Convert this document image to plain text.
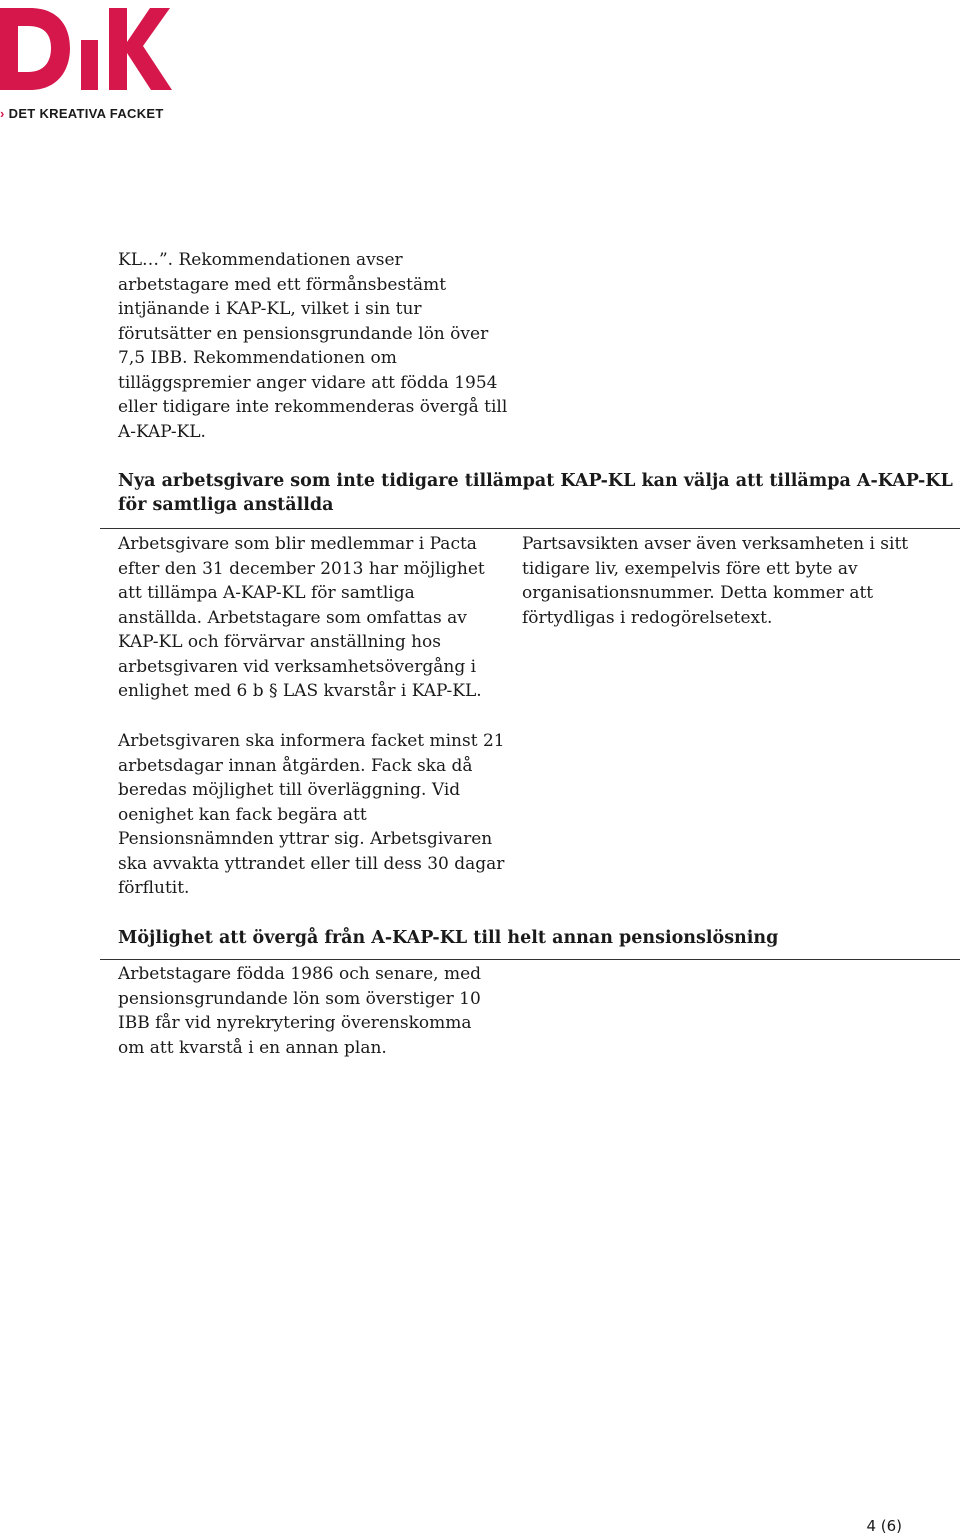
› DET KREATIVA FACKET

KL…”. Rekommendationen avser arbetstagare med ett förmånsbestämt intjänande i KAP-KL, vilket i sin tur förutsätter en pensionsgrundande lön över 7,5 IBB. Rekommendationen om tilläggspremier anger vidare att födda 1954 eller tidigare inte rekommenderas övergå till A-KAP-KL.

Nya arbetsgivare som inte tidigare tillämpat KAP-KL kan välja att tillämpa A-KAP-KL för samtliga anställda

Arbetsgivare som blir medlemmar i Pacta efter den 31 december 2013 har möjlighet att tillämpa A-KAP-KL för samtliga anställda. Arbetstagare som omfattas av KAP-KL och förvärvar anställning hos arbetsgivaren vid verksamhetsövergång i enlighet med 6 b § LAS kvarstår i KAP-KL.

Partsavsikten avser även verksamheten i sitt tidigare liv, exempelvis före ett byte av organisationsnummer. Detta kommer att förtydligas i redogörelsetext.

Arbetsgivaren ska informera facket minst 21 arbetsdagar innan åtgärden. Fack ska då beredas möjlighet till överläggning. Vid oenighet kan fack begära att Pensionsnämnden yttrar sig. Arbetsgivaren ska avvakta yttrandet eller till dess 30 dagar förflutit.

Möjlighet att övergå från A-KAP-KL till helt annan pensionslösning

Arbetstagare födda 1986 och senare, med pensionsgrundande lön som överstiger 10 IBB får vid nyrekrytering överenskomma om att kvarstå i en annan plan.

4 (6)
